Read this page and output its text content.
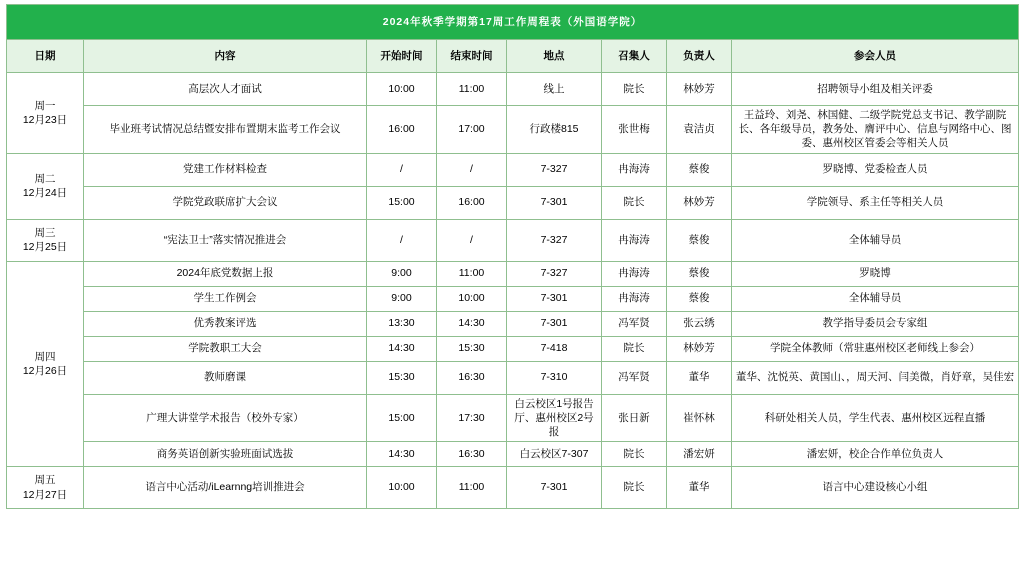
2024年秋季学期第17周工作周程表（外国语学院）							
日期	内容	开始时间	结束时间	地点	召集人	负责人	参会人员
周一
12月23日	高层次人才面试	10:00	11:00	线上	院长	林妙芳	招聘领导小组及相关评委
	毕业班考试情况总结暨安排布置期末监考工作会议	16:00	17:00	行政楼815	张世梅	袁洁贞	王益玲、刘尧、林国健、二级学院党总支书记、教学副院长、各年级导员，教务处、膺评中心、信息与网络中心、图委、惠州校区管委会等相关人员
周二
12月24日	党建工作材料检查	/	/	7-327	冉海涛	蔡俊	罗晓博、党委检查人员
	学院党政联席扩大会议	15:00	16:00	7-301	院长	林妙芳	学院领导、系主任等相关人员
周三
12月25日	“宪法卫士”落实情况推进会	/	/	7-327	冉海涛	蔡俊	全体辅导员
周四
12月26日	2024年底党数据上报	9:00	11:00	7-327	冉海涛	蔡俊	罗晓博
	学生工作例会	9:00	10:00	7-301	冉海涛	蔡俊	全体辅导员
	优秀教案评选	13:30	14:30	7-301	冯军贤	张云绣	教学指导委员会专家组
	学院教职工大会	14:30	15:30	7-418	院长	林妙芳	学院全体教师（常驻惠州校区老师线上参会）
	教师磨课	15:30	16:30	7-310	冯军贤	董华	董华、沈悦英、黄国山、，周天河、闫美微，肖妤章，吴佳宏
	广理大讲堂学术报告（校外专家）	15:00	17:30	白云校区1号报告厅、惠州校区2号报	张日新	崔怀林	科研处相关人员，学生代表、惠州校区远程直播
	商务英语创新实验班面试选拔	14:30	16:30	白云校区7-307	院长	潘宏妍	潘宏妍，校企合作单位负责人
周五
12月27日	语言中心活动/iLearnng培训推进会	10:00	11:00	7-301	院长	董华	语言中心建设核心小组
